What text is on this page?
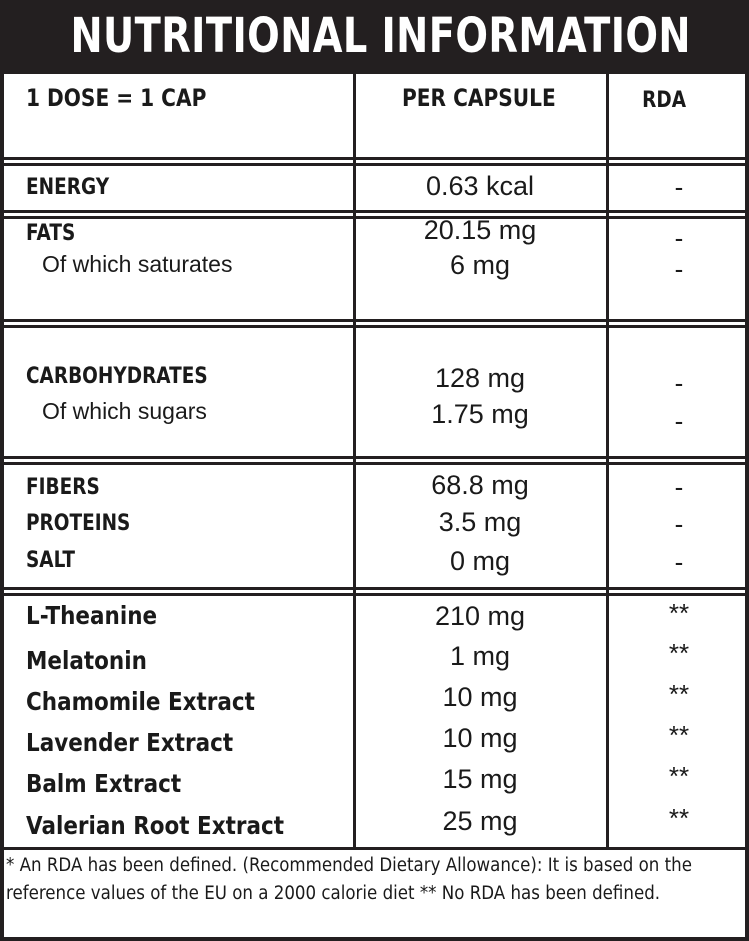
NUTRITIONAL INFORMATION
1 DOSE = 1 CAP	PER CAPSULE	RDA
ENERGY	0.63 kcal	-
FATS	20.15 mg	-
Of which saturates	6 mg	-
CARBOHYDRATES	128 mg	-
Of which sugars	1.75 mg	-
FIBERS	68.8 mg	-
PROTEINS	3.5 mg	-
SALT	0 mg	-
L-Theanine	210 mg	**
Melatonin	1 mg	**
Chamomile Extract	10 mg	**
Lavender Extract	10 mg	**
Balm Extract	15 mg	**
Valerian Root Extract	25 mg	**
* An RDA has been defined. (Recommended Dietary Allowance): It is based on the reference values of the EU on a 2000 calorie diet ** No RDA has been defined.
